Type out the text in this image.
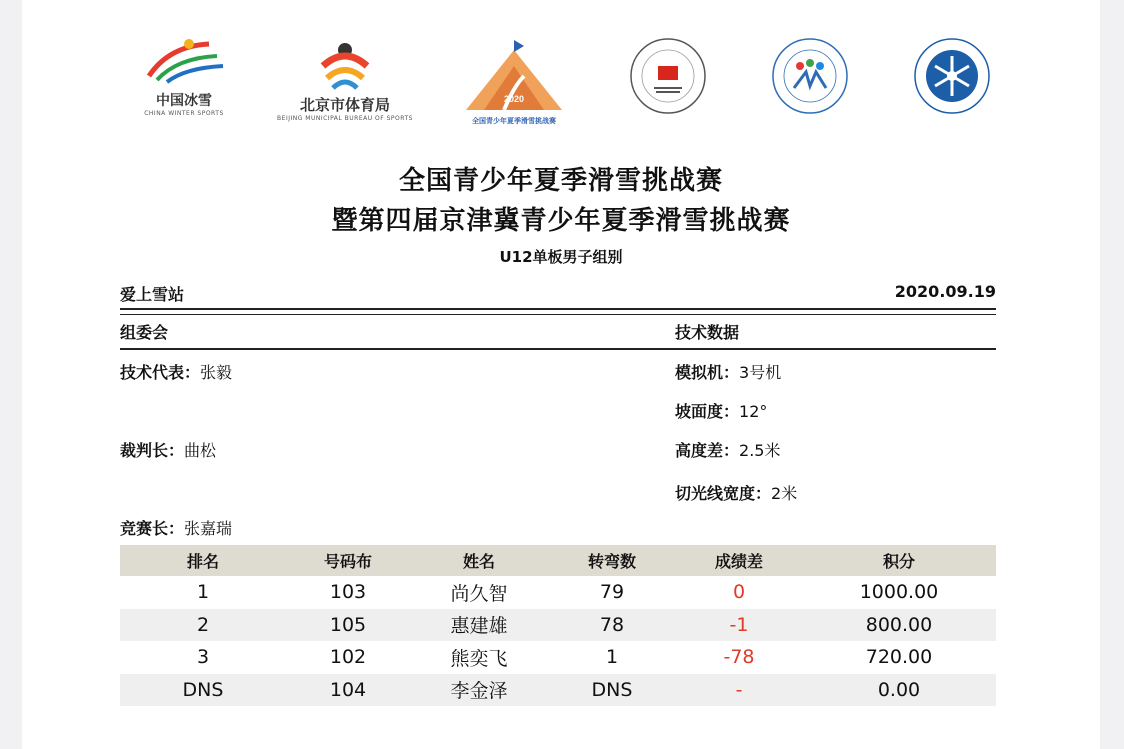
中国冰雪
CHINA WINTER SPORTS	北京市体育局
BEIJING MUNICIPAL BUREAU OF SPORTS
2020
全国青少年夏季滑雪挑战赛
全国青少年夏季滑雪挑战赛
暨第四届京津冀青少年夏季滑雪挑战赛
U12单板男子组别
爱上雪站	2020.09.19
组委会	技术数据
技术代表：张毅
裁判长：曲松
竞赛长：张嘉瑞
模拟机：3号机
坡面度：12°
高度差：2.5米
切光线宽度：2米
排名	号码布	姓名	转弯数	成绩差	积分
1	103	尚久智	79	0	1000.00
2	105	惠建雄	78	-1	800.00
3	102	熊奕飞	1	-78	720.00
DNS	104	李金泽	DNS	-	0.00
